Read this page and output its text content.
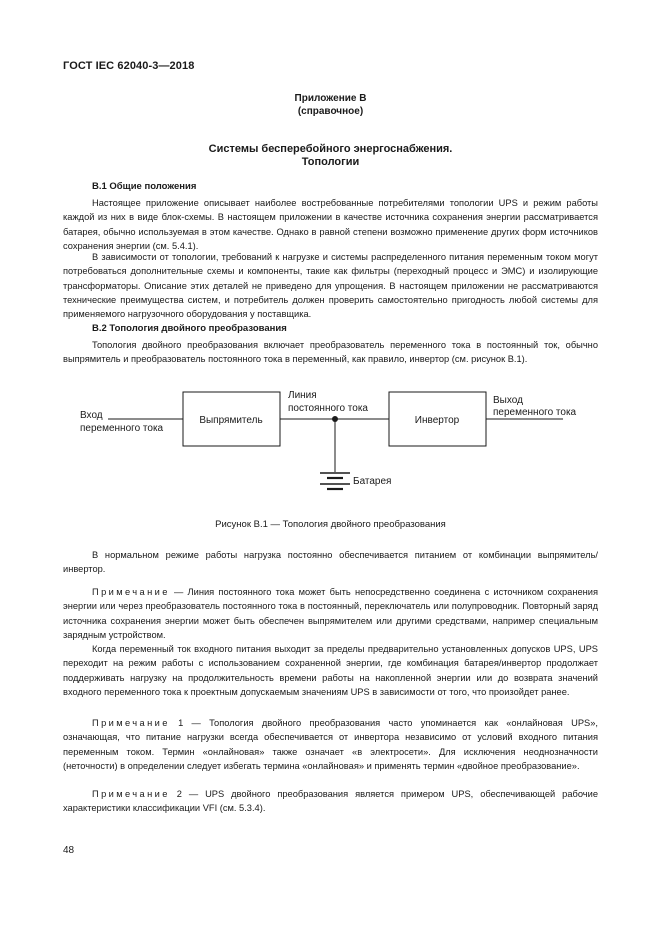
ГОСТ IEC 62040-3—2018
Приложение В
(справочное)
Системы бесперебойного энергоснабжения.
Топологии
В.1 Общие положения

Настоящее приложение описывает наиболее востребованные потребителями топологии UPS и режим работы каждой из них в виде блок-схемы. В настоящем приложении в качестве источника сохранения энергии рассматривается батарея, обычно используемая в этом качестве. Однако в равной степени возможно применение других форм источников сохранения энергии (см. 5.4.1).

В зависимости от топологии, требований к нагрузке и системы распределенного питания переменным током могут потребоваться дополнительные схемы и компоненты, такие как фильтры (переходный процесс и ЭМС) и изолирующие трансформаторы. Описание этих деталей не приведено для упрощения. В настоящем приложении не рассматриваются технические преимущества систем, и потребитель должен проверить самостоятельно пригодность любой системы для применяемого нагрузочного оборудования у поставщика.

В.2 Топология двойного преобразования

Топология двойного преобразования включает преобразователь переменного тока в постоянный ток, обычно выпрямитель и преобразователь постоянного тока в переменный, как правило, инвертор (см. рисунок В.1).

Вход
переменного тока
Выпрямитель
Линия
постоянного тока
Инвертор
Выход
переменного тока
Батарея
Рисунок В.1 — Топология двойного преобразования

В нормальном режиме работы нагрузка постоянно обеспечивается питанием от комбинации выпрямитель/инвертор.

Примечание — Линия постоянного тока может быть непосредственно соединена с источником сохранения энергии или через преобразователь постоянного тока в постоянный, переключатель или полупроводник. Повторный заряд источника сохранения энергии может быть обеспечен выпрямителем или другими средствами, например специальным зарядным устройством.

Когда переменный ток входного питания выходит за пределы предварительно установленных допусков UPS, UPS переходит на режим работы с использованием сохраненной энергии, где комбинация батарея/инвертор продолжает поддерживать нагрузку на продолжительность времени работы на накопленной энергии или до возврата значений входного переменного тока к проектным допускаемым значениям UPS в зависимости от того, что произойдет ранее.

Примечание 1 — Топология двойного преобразования часто упоминается как «онлайновая UPS», означающая, что питание нагрузки всегда обеспечивается от инвертора независимо от условий входного питания переменным током. Термин «онлайновая» также означает «в электросети». Для исключения неоднозначности (неточности) в определении следует избегать термина «онлайновая» и применять термин «двойное преобразование».

Примечание 2 — UPS двойного преобразования является примером UPS, обеспечивающей рабочие характеристики классификации VFI (см. 5.3.4).

48
